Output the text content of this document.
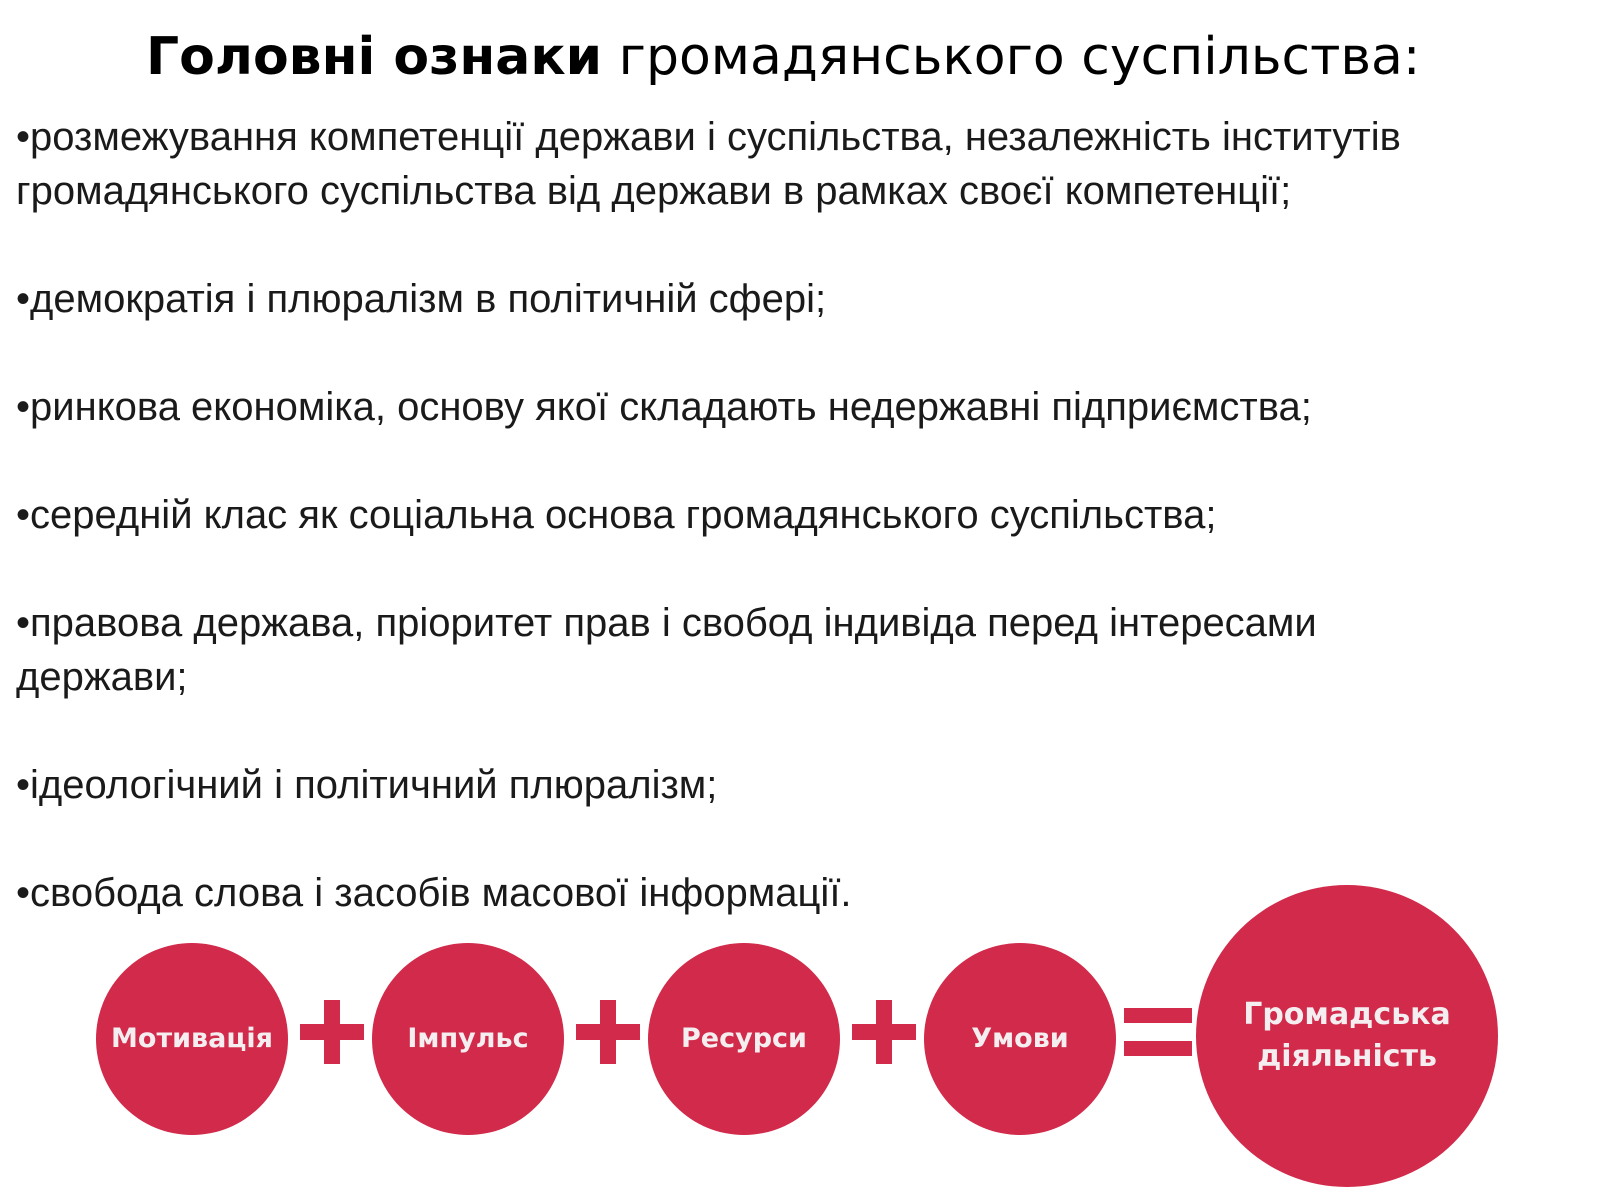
Головні ознаки громадянського суспільства:
•розмежування компетенції держави і суспільства, незалежність інститутів
громадянського суспільства від держави в рамках своєї компетенції;
•демократія і плюралізм в політичній сфері;
•ринкова економіка, основу якої складають недержавні підприємства;
•середній клас як соціальна основа громадянського суспільства;
•правова держава, пріоритет прав і свобод індивіда перед інтересами
держави;
•ідеологічний і політичний плюралізм;
•свобода слова і засобів масової інформації.
Мотивація	Імпульс	Ресурси	Умови
Громадська
діяльність
